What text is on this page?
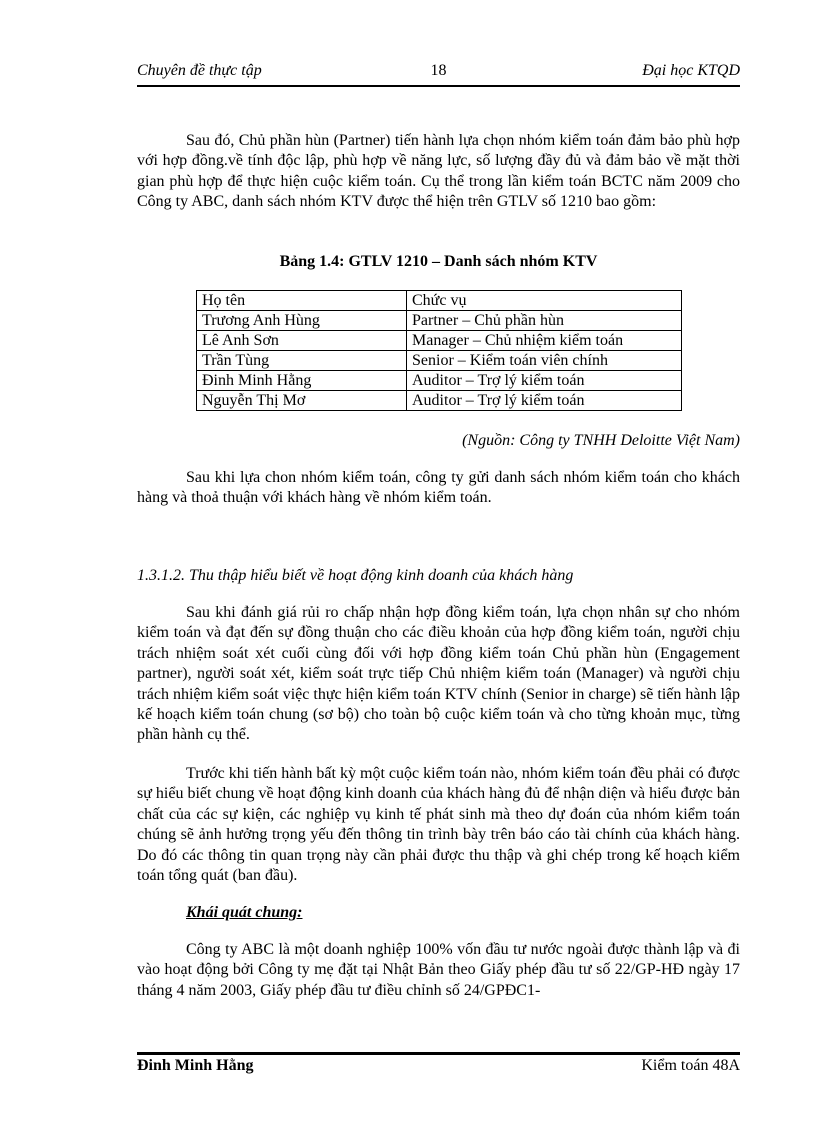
Chuyên đề thực tập	18	Đại học KTQD

Sau đó, Chủ phần hùn (Partner) tiến hành lựa chọn nhóm kiểm toán đảm bảo phù hợp với hợp đồng.về tính độc lập, phù hợp về năng lực, số lượng đầy đủ và đảm bảo về mặt thời gian phù hợp để thực hiện cuộc kiểm toán. Cụ thể trong lần kiểm toán BCTC năm 2009 cho Công ty ABC, danh sách nhóm KTV được thể hiện trên GTLV số 1210 bao gồm:

Bảng 1.4: GTLV 1210 – Danh sách nhóm KTV
Họ tên	Chức vụ
Trương Anh Hùng	Partner – Chủ phần hùn
Lê Anh Sơn	Manager – Chủ nhiệm kiểm toán
Trần Tùng	Senior – Kiểm toán viên chính
Đinh Minh Hằng	Auditor – Trợ lý kiểm toán
Nguyễn Thị Mơ	Auditor – Trợ lý kiểm toán
(Nguồn: Công ty TNHH Deloitte Việt Nam)

Sau khi lựa chon nhóm kiểm toán, công ty gửi danh sách nhóm kiểm toán cho khách hàng và thoả thuận với khách hàng về nhóm kiểm toán.

1.3.1.2. Thu thập hiểu biết về hoạt động kinh doanh của khách hàng

Sau khi đánh giá rủi ro chấp nhận hợp đồng kiểm toán, lựa chọn nhân sự cho nhóm kiểm toán và đạt đến sự đồng thuận cho các điều khoản của hợp đồng kiểm toán, người chịu trách nhiệm soát xét cuối cùng đối với hợp đồng kiểm toán Chủ phần hùn (Engagement partner), người soát xét, kiểm soát trực tiếp Chủ nhiệm kiểm toán (Manager) và người chịu trách nhiệm kiểm soát việc thực hiện kiểm toán KTV chính (Senior in charge) sẽ tiến hành lập kế hoạch kiểm toán chung (sơ bộ) cho toàn bộ cuộc kiểm toán và cho từng khoản mục, từng phần hành cụ thể.

Trước khi tiến hành bất kỳ một cuộc kiểm toán nào, nhóm kiểm toán đều phải có được sự hiểu biết chung về hoạt động kinh doanh của khách hàng đủ để nhận diện và hiểu được bản chất của các sự kiện, các nghiệp vụ kinh tế phát sinh mà theo dự đoán của nhóm kiểm toán chúng sẽ ảnh hưởng trọng yếu đến thông tin trình bày trên báo cáo tài chính của khách hàng. Do đó các thông tin quan trọng này cần phải được thu thập và ghi chép trong kế hoạch kiểm toán tổng quát (ban đầu).

Khái quát chung:

Công ty ABC là một doanh nghiệp 100% vốn đầu tư nước ngoài được thành lập và đi vào hoạt động bởi Công ty mẹ đặt tại Nhật Bản theo Giấy phép đầu tư số 22/GP-HĐ ngày 17 tháng 4 năm 2003, Giấy phép đầu tư điều chỉnh số 24/GPĐC1-

Đinh Minh Hằng	Kiểm toán 48A
